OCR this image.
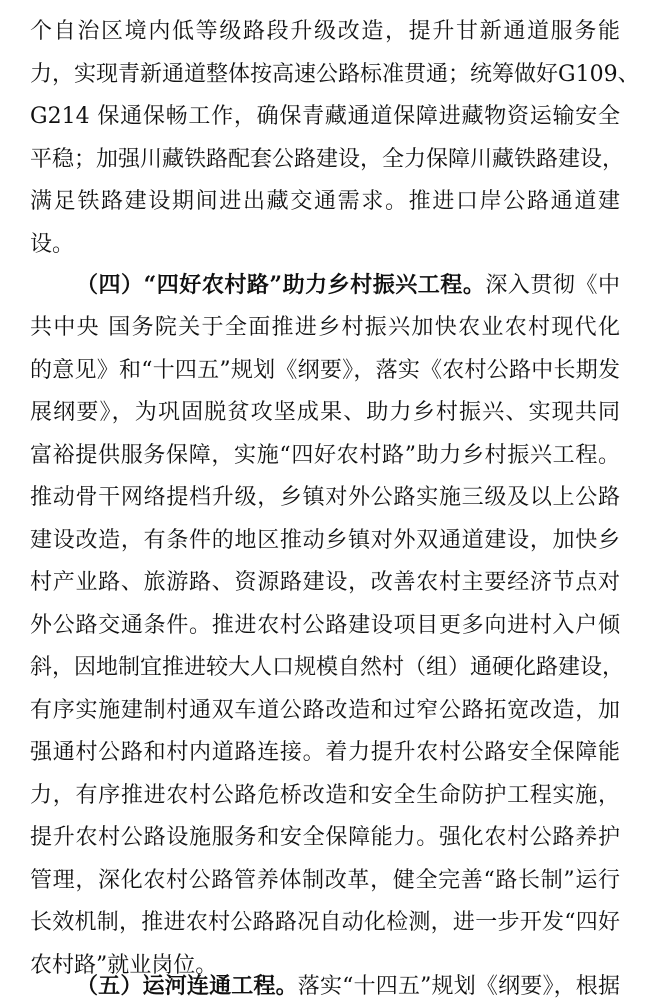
个自治区境内低等级路段升级改造，提升甘新通道服务能
力，实现青新通道整体按高速公路标准贯通；统筹做好G109、
G214 保通保畅工作，确保青藏通道保障进藏物资运输安全
平稳；加强川藏铁路配套公路建设，全力保障川藏铁路建设，
满足铁路建设期间进出藏交通需求。推进口岸公路通道建
设。
（四）“四好农村路”助力乡村振兴工程。深入贯彻《中
共中央 国务院关于全面推进乡村振兴加快农业农村现代化
的意见》和“十四五”规划《纲要》，落实《农村公路中长期发
展纲要》，为巩固脱贫攻坚成果、助力乡村振兴、实现共同
富裕提供服务保障，实施“四好农村路”助力乡村振兴工程。
推动骨干网络提档升级，乡镇对外公路实施三级及以上公路
建设改造，有条件的地区推动乡镇对外双通道建设，加快乡
村产业路、旅游路、资源路建设，改善农村主要经济节点对
外公路交通条件。推进农村公路建设项目更多向进村入户倾
斜，因地制宜推进较大人口规模自然村（组）通硬化路建设，
有序实施建制村通双车道公路改造和过窄公路拓宽改造，加
强通村公路和村内道路连接。着力提升农村公路安全保障能
力，有序推进农村公路危桥改造和安全生命防护工程实施，
提升农村公路设施服务和安全保障能力。强化农村公路养护
管理，深化农村公路管养体制改革，健全完善“路长制”运行
长效机制，推进农村公路路况自动化检测，进一步开发“四好
农村路”就业岗位。
（五）运河连通工程。落实“十四五”规划《纲要》，根据
